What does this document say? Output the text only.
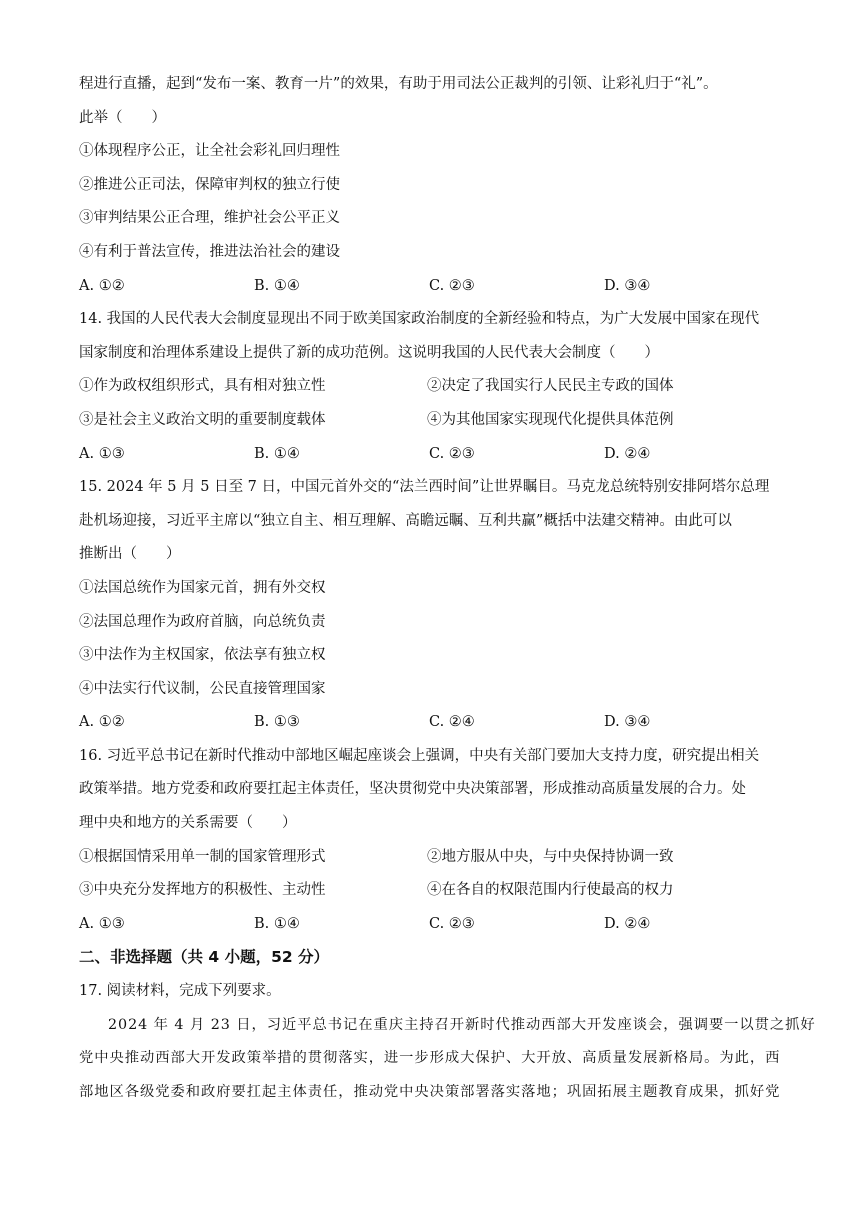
程进行直播，起到“发布一案、教育一片”的效果，有助于用司法公正裁判的引领、让彩礼归于“礼”。
此举（　　）
①体现程序公正，让全社会彩礼回归理性
②推进公正司法，保障审判权的独立行使
③审判结果公正合理，维护社会公平正义
④有利于普法宣传，推进法治社会的建设
A. ①②	B. ①④	C. ②③	D. ③④
14. 我国的人民代表大会制度显现出不同于欧美国家政治制度的全新经验和特点，为广大发展中国家在现代
国家制度和治理体系建设上提供了新的成功范例。这说明我国的人民代表大会制度（　　）
①作为政权组织形式，具有相对独立性	②决定了我国实行人民民主专政的国体
③是社会主义政治文明的重要制度载体	④为其他国家实现现代化提供具体范例
A. ①③	B. ①④	C. ②③	D. ②④
15. 2024 年 5 月 5 日至 7 日，中国元首外交的“法兰西时间”让世界瞩目。马克龙总统特别安排阿塔尔总理
赴机场迎接，习近平主席以“独立自主、相互理解、高瞻远瞩、互利共赢”概括中法建交精神。由此可以
推断出（　　）
①法国总统作为国家元首，拥有外交权
②法国总理作为政府首脑，向总统负责
③中法作为主权国家，依法享有独立权
④中法实行代议制，公民直接管理国家
A. ①②	B. ①③	C. ②④	D. ③④
16. 习近平总书记在新时代推动中部地区崛起座谈会上强调，中央有关部门要加大支持力度，研究提出相关
政策举措。地方党委和政府要扛起主体责任，坚决贯彻党中央决策部署，形成推动高质量发展的合力。处
理中央和地方的关系需要（　　）
①根据国情采用单一制的国家管理形式	②地方服从中央，与中央保持协调一致
③中央充分发挥地方的积极性、主动性	④在各自的权限范围内行使最高的权力
A. ①③	B. ①④	C. ②③	D. ②④
二、非选择题（共 4 小题，52 分）
17. 阅读材料，完成下列要求。
2024 年 4 月 23 日，习近平总书记在重庆主持召开新时代推动西部大开发座谈会，强调要一以贯之抓好
党中央推动西部大开发政策举措的贯彻落实，进一步形成大保护、大开放、高质量发展新格局。为此，西
部地区各级党委和政府要扛起主体责任，推动党中央决策部署落实落地；巩固拓展主题教育成果，抓好党
